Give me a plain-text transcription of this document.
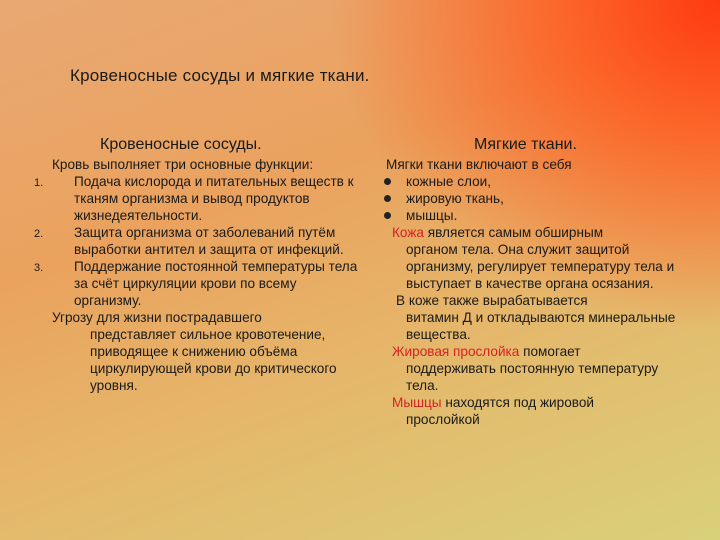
Кровеносные сосуды и мягкие ткани.
Кровеносные сосуды.	Мягкие ткани.
Кровь выполняет три основные функции:
1. Подача кислорода и питательных веществ к тканям организма и вывод продуктов жизнедеятельности.
2. Защита организма от заболеваний путём выработки антител и защита от инфекций.
3. Поддержание постоянной температуры тела за счёт циркуляции крови по всему организму.
Угрозу для жизни пострадавшего
представляет сильное кровотечение, приводящее к снижению объёма циркулирующей крови до критического уровня.
Мягки ткани включают в себя
кожные слои,
жировую ткань,
мышцы.
Кожа является самым обширным
органом тела. Она служит защитой организму, регулирует температуру тела и выступает в качестве органа осязания.
В коже также вырабатывается
витамин Д и откладываются минеральные вещества.
Жировая прослойка помогает
поддерживать постоянную температуру тела.
Мышцы находятся под жировой
прослойкой
